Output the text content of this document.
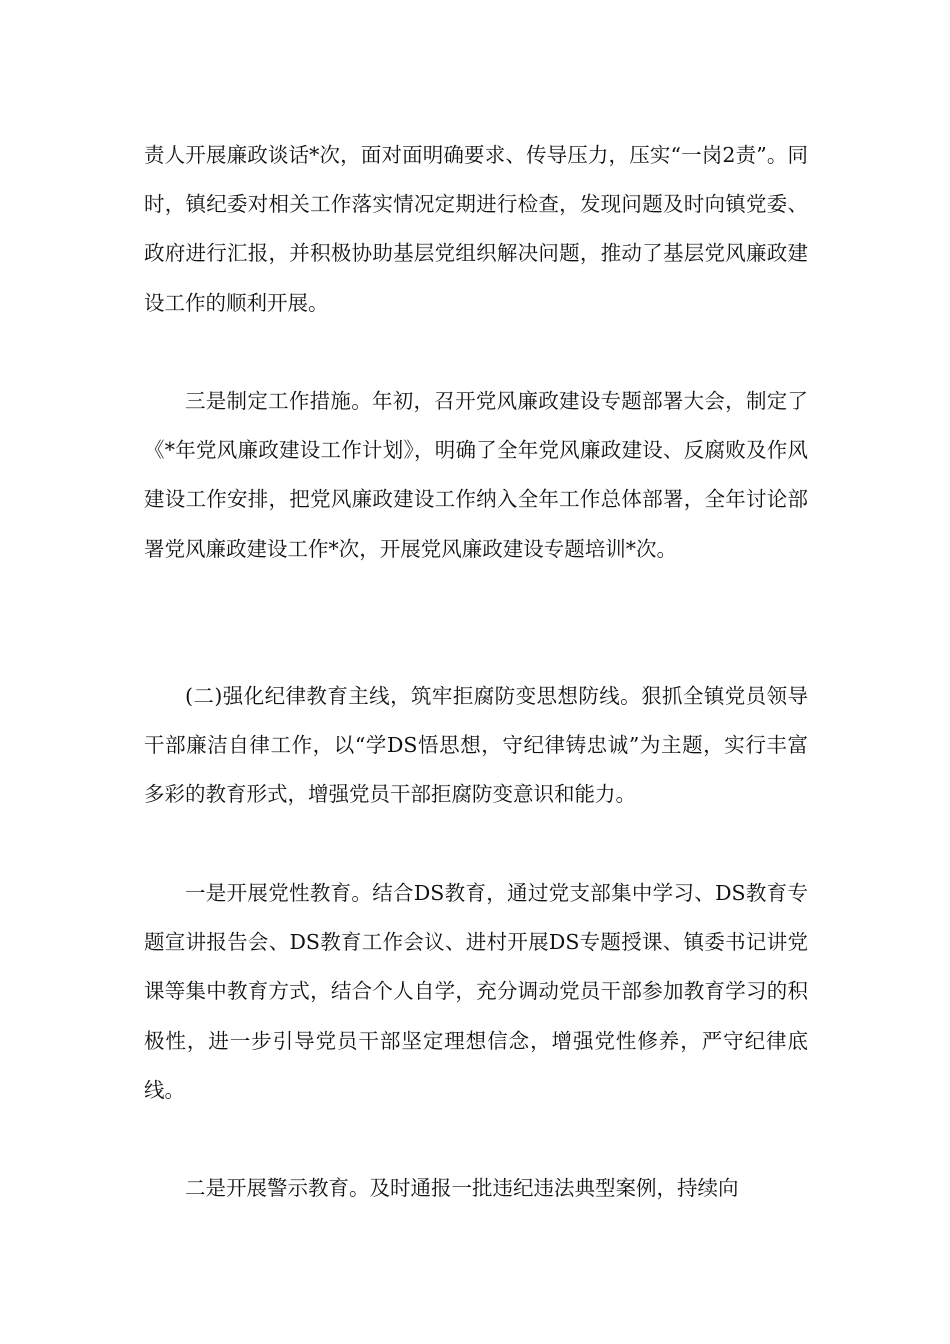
责人开展廉政谈话*次，面对面明确要求、传导压力，压实“一岗2责”。同时，镇纪委对相关工作落实情况定期进行检查，发现问题及时向镇党委、政府进行汇报，并积极协助基层党组织解决问题，推动了基层党风廉政建设工作的顺利开展。

三是制定工作措施。年初，召开党风廉政建设专题部署大会，制定了《*年党风廉政建设工作计划》，明确了全年党风廉政建设、反腐败及作风建设工作安排，把党风廉政建设工作纳入全年工作总体部署，全年讨论部署党风廉政建设工作*次，开展党风廉政建设专题培训*次。

(二)强化纪律教育主线，筑牢拒腐防变思想防线。狠抓全镇党员领导干部廉洁自律工作，以“学DS悟思想，守纪律铸忠诚”为主题，实行丰富多彩的教育形式，增强党员干部拒腐防变意识和能力。

一是开展党性教育。结合DS教育，通过党支部集中学习、DS教育专题宣讲报告会、DS教育工作会议、进村开展DS专题授课、镇委书记讲党课等集中教育方式，结合个人自学，充分调动党员干部参加教育学习的积极性，进一步引导党员干部坚定理想信念，增强党性修养，严守纪律底线。

二是开展警示教育。及时通报一批违纪违法典型案例，持续向
